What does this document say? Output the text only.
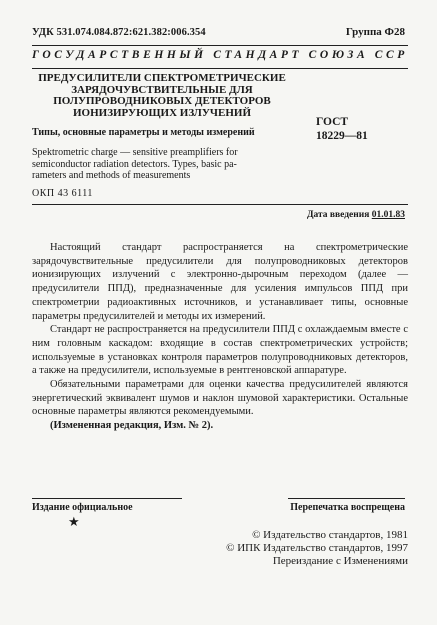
УДК 531.074.084.872:621.382:006.354	Группа Ф28
ГОСУДАРСТВЕННЫЙ СТАНДАРТ СОЮЗА ССР
ПРЕДУСИЛИТЕЛИ СПЕКТРОМЕТРИЧЕСКИЕ
ЗАРЯДОЧУВСТВИТЕЛЬНЫЕ ДЛЯ
ПОЛУПРОВОДНИКОВЫХ ДЕТЕКТОРОВ
ИОНИЗИРУЮЩИХ ИЗЛУЧЕНИЙ
Типы, основные параметры и методы измерений
ГОСТ
18229—81
Spektrometric charge — sensitive preamplifiers for
semiconductor radiation detectors. Types, basic pa-
rameters and methods of measurements
ОКП 43 6111
Дата введения 01.01.83

Настоящий стандарт распространяется на спектрометрические зарядочувствительные предусилители для полупроводниковых детекторов ионизирующих излучений с электронно-дырочным переходом (далее — предусилители ППД), предназначенные для усиления импульсов ППД при спектрометрии радиоактивных источников, и устанавливает типы, основные параметры предусилителей и методы их измерений.

Стандарт не распространяется на предусилители ППД с охлаждаемым вместе с ним головным каскадом: входящие в состав спектрометрических устройств; используемые в установках контроля параметров полупроводниковых детекторов, а также на предусилители, используемые в рентгеновской аппаратуре.

Обязательными параметрами для оценки качества предусилителей являются энергетический эквивалент шумов и наклон шумовой характеристики. Остальные основные параметры являются рекомендуемыми.

(Измененная редакция, Изм. № 2).

Издание официальное	Перепечатка воспрещена
★
© Издательство стандартов, 1981
© ИПК Издательство стандартов, 1997
Переиздание с Изменениями
